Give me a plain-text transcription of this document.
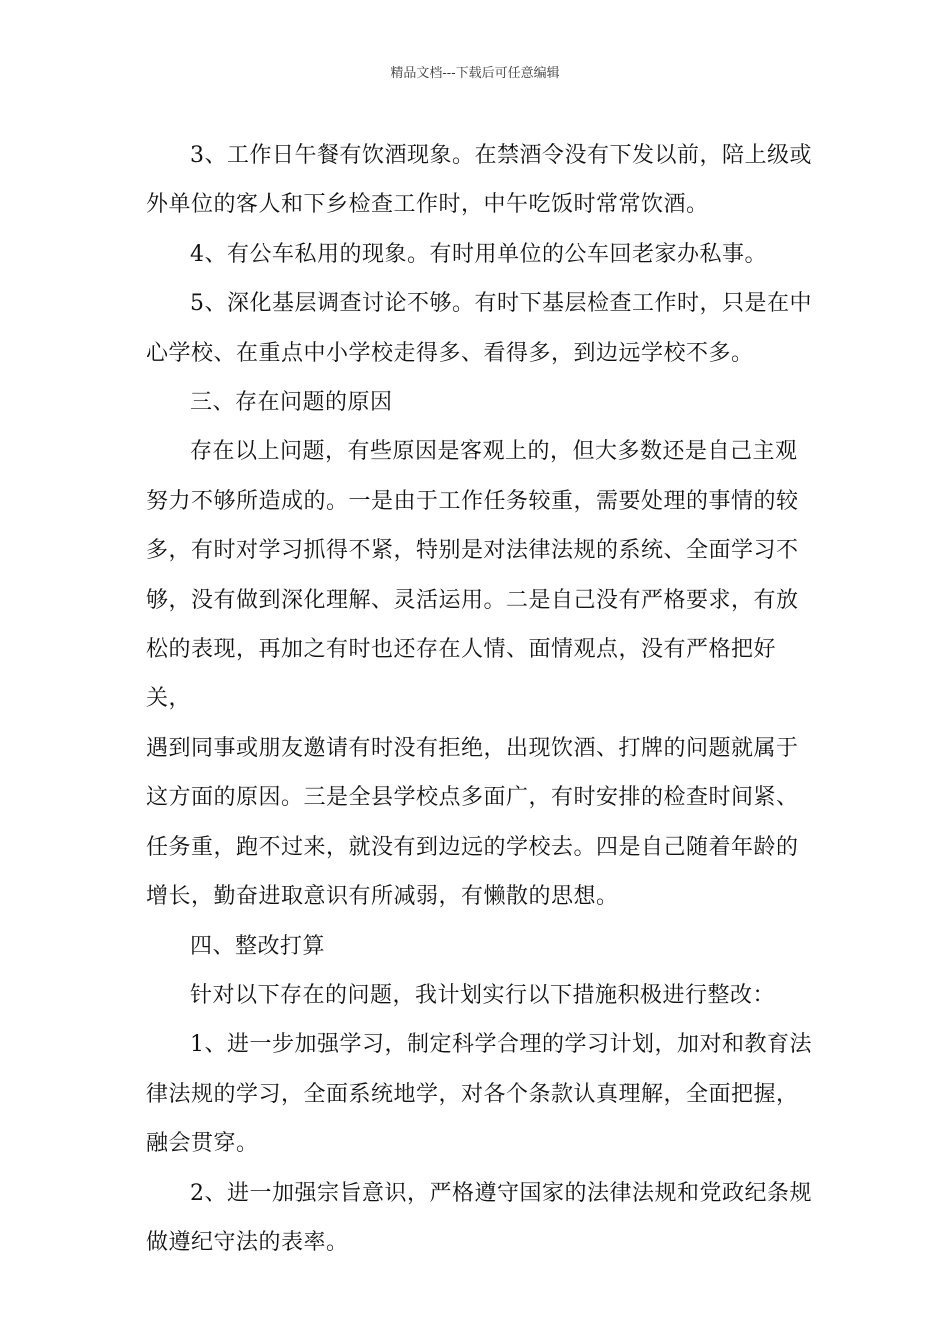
精品文档---下载后可任意编辑

3、工作日午餐有饮酒现象。在禁酒令没有下发以前，陪上级或

外单位的客人和下乡检查工作时，中午吃饭时常常饮酒。

4、有公车私用的现象。有时用单位的公车回老家办私事。

5、深化基层调查讨论不够。有时下基层检查工作时，只是在中

心学校、在重点中小学校走得多、看得多，到边远学校不多。

三、存在问题的原因

存在以上问题，有些原因是客观上的，但大多数还是自己主观

努力不够所造成的。一是由于工作任务较重，需要处理的事情的较

多，有时对学习抓得不紧，特别是对法律法规的系统、全面学习不

够，没有做到深化理解、灵活运用。二是自己没有严格要求，有放

松的表现，再加之有时也还存在人情、面情观点，没有严格把好关，

遇到同事或朋友邀请有时没有拒绝，出现饮酒、打牌的问题就属于

这方面的原因。三是全县学校点多面广，有时安排的检查时间紧、

任务重，跑不过来，就没有到边远的学校去。四是自己随着年龄的

增长，勤奋进取意识有所减弱，有懒散的思想。

四、整改打算

针对以下存在的问题，我计划实行以下措施积极进行整改：

1、进一步加强学习，制定科学合理的学习计划，加对和教育法

律法规的学习，全面系统地学，对各个条款认真理解，全面把握，

融会贯穿。

2、进一加强宗旨意识，严格遵守国家的法律法规和党政纪条规

做遵纪守法的表率。
